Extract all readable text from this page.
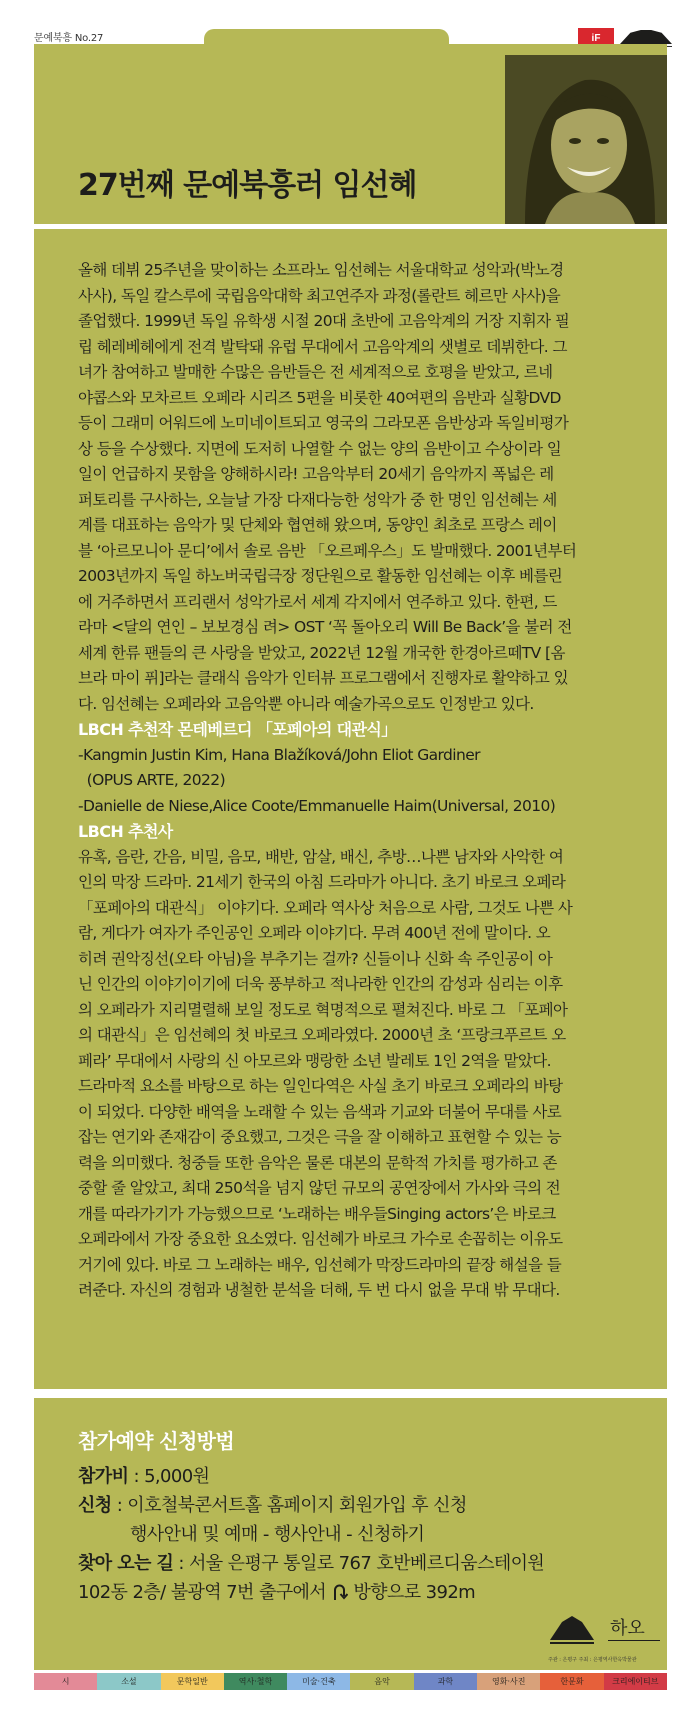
문예북흥 No.27	iF
27번째 문예북흥러 임선혜

올해 데뷔 25주년을 맞이하는 소프라노 임선혜는 서울대학교 성악과(박노경

사사), 독일 칼스루에 국립음악대학 최고연주자 과정(롤란트 헤르만 사사)을

졸업했다. 1999년 독일 유학생 시절 20대 초반에 고음악계의 거장 지휘자 필

립 헤레베헤에게 전격 발탁돼 유럽 무대에서 고음악계의 샛별로 데뷔한다. 그

녀가 참여하고 발매한 수많은 음반들은 전 세계적으로 호평을 받았고, 르네

야콥스와 모차르트 오페라 시리즈 5편을 비롯한 40여편의 음반과 실황DVD

등이 그래미 어워드에 노미네이트되고 영국의 그라모폰 음반상과 독일비평가

상 등을 수상했다. 지면에 도저히 나열할 수 없는 양의 음반이고 수상이라 일

일이 언급하지 못함을 양해하시라! 고음악부터 20세기 음악까지 폭넓은 레

퍼토리를 구사하는, 오늘날 가장 다재다능한 성악가 중 한 명인 임선혜는 세

계를 대표하는 음악가 및 단체와 협연해 왔으며, 동양인 최초로 프랑스 레이

블 ‘아르모니아 문디’에서 솔로 음반 「오르페우스」도 발매했다. 2001년부터

2003년까지 독일 하노버국립극장 정단원으로 활동한 임선혜는 이후 베를린

에 거주하면서 프리랜서 성악가로서 세계 각지에서 연주하고 있다. 한편, 드

라마 <달의 연인 – 보보경심 려> OST ‘꼭 돌아오리 Will Be Back’을 불러 전

세계 한류 팬들의 큰 사랑을 받았고, 2022년 12월 개국한 한경아르떼TV [옴

브라 마이 퓌]라는 클래식 음악가 인터뷰 프로그램에서 진행자로 활약하고 있

다. 임선혜는 오페라와 고음악뿐 아니라 예술가곡으로도 인정받고 있다.

LBCH 추천작 몬테베르디 「포페아의 대관식」

-Kangmin Justin Kim, Hana Blažíková/John Eliot Gardiner

(OPUS ARTE, 2022)

-Danielle de Niese,Alice Coote/Emmanuelle Haim(Universal, 2010)

LBCH 추천사

유혹, 음란, 간음, 비밀, 음모, 배반, 암살, 배신, 추방…나쁜 남자와 사악한 여

인의 막장 드라마. 21세기 한국의 아침 드라마가 아니다. 초기 바로크 오페라

「포페아의 대관식」 이야기다. 오페라 역사상 처음으로 사람, 그것도 나쁜 사

람, 게다가 여자가 주인공인 오페라 이야기다. 무려 400년 전에 말이다. 오

히려 권악징선(오타 아님)을 부추기는 걸까? 신들이나 신화 속 주인공이 아

닌 인간의 이야기이기에 더욱 풍부하고 적나라한 인간의 감성과 심리는 이후

의 오페라가 지리멸렬해 보일 정도로 혁명적으로 펼쳐진다. 바로 그 「포페아

의 대관식」은 임선혜의 첫 바로크 오페라였다. 2000년 초 ‘프랑크푸르트 오

페라’ 무대에서 사랑의 신 아모르와 맹랑한 소년 발레토 1인 2역을 맡았다.

드라마적 요소를 바탕으로 하는 일인다역은 사실 초기 바로크 오페라의 바탕

이 되었다. 다양한 배역을 노래할 수 있는 음색과 기교와 더불어 무대를 사로

잡는 연기와 존재감이 중요했고, 그것은 극을 잘 이해하고 표현할 수 있는 능

력을 의미했다. 청중들 또한 음악은 물론 대본의 문학적 가치를 평가하고 존

중할 줄 알았고, 최대 250석을 넘지 않던 규모의 공연장에서 가사와 극의 전

개를 따라가기가 가능했으므로 ‘노래하는 배우들Singing actors’은 바로크

오페라에서 가장 중요한 요소였다. 임선혜가 바로크 가수로 손꼽히는 이유도

거기에 있다. 바로 그 노래하는 배우, 임선혜가 막장드라마의 끝장 해설을 들

려준다. 자신의 경험과 냉철한 분석을 더해, 두 번 다시 없을 무대 밖 무대다.

참가예약 신청방법
참가비 : 5,000원
신청 : 이호철북콘서트홀 홈페이지 회원가입 후 신청
행사안내 및 예매 - 행사안내 - 신청하기
찾아 오는 길 : 서울 은평구 통일로 767 호반베르디움스테이원
102동 2층/ 불광역 7번 출구에서  방향으로 392m
하오
주관 : 은평구 주최 : 은평역사한옥박물관
시	소설	문학일반	역사·철학	미술·건축	음악	과학	영화·사진	한문화	크리에이티브
